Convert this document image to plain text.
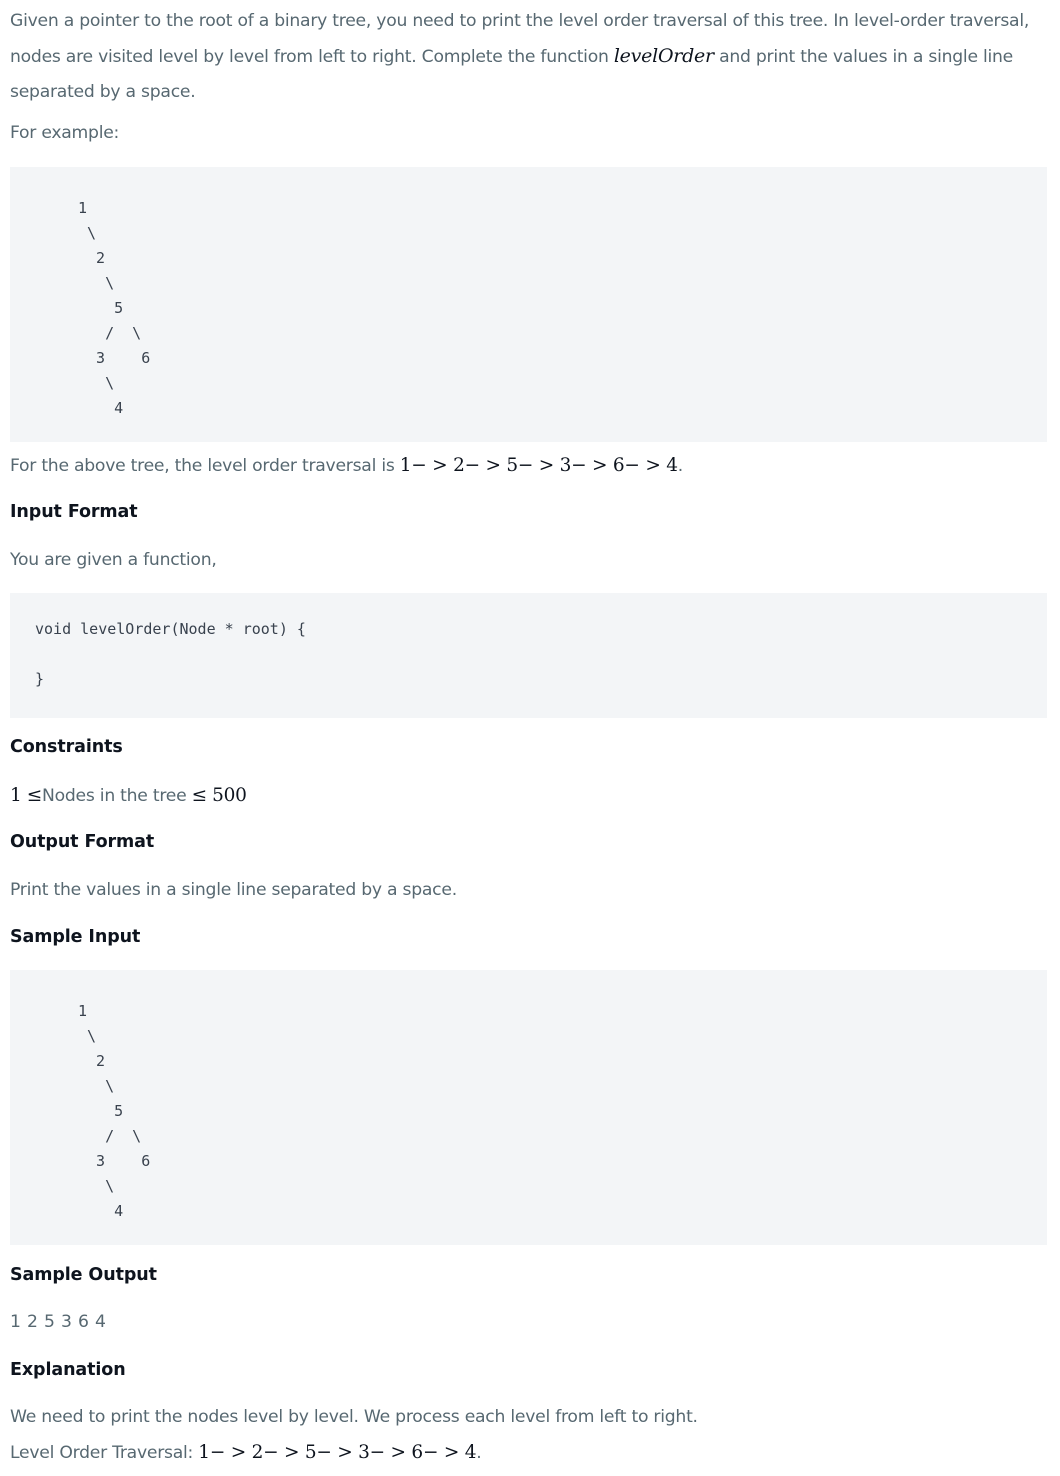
Given a pointer to the root of a binary tree, you need to print the level order traversal of this tree. In level-order traversal, nodes are visited level by level from left to right. Complete the function levelOrder and print the values in a single line separated by a space.

For example:

1
\
2
\
5
/  \
3    6
\
4

For the above tree, the level order traversal is 1− > 2− > 5− > 3− > 6− > 4.

Input Format

You are given a function,

void levelOrder(Node * root) {
}
Constraints

1 ≤Nodes in the tree ≤ 500

Output Format

Print the values in a single line separated by a space.

Sample Input
1
\
2
\
5
/  \
3    6
\
4
Sample Output

1 2 5 3 6 4

Explanation

We need to print the nodes level by level. We process each level from left to right.

Level Order Traversal: 1− > 2− > 5− > 3− > 6− > 4.
